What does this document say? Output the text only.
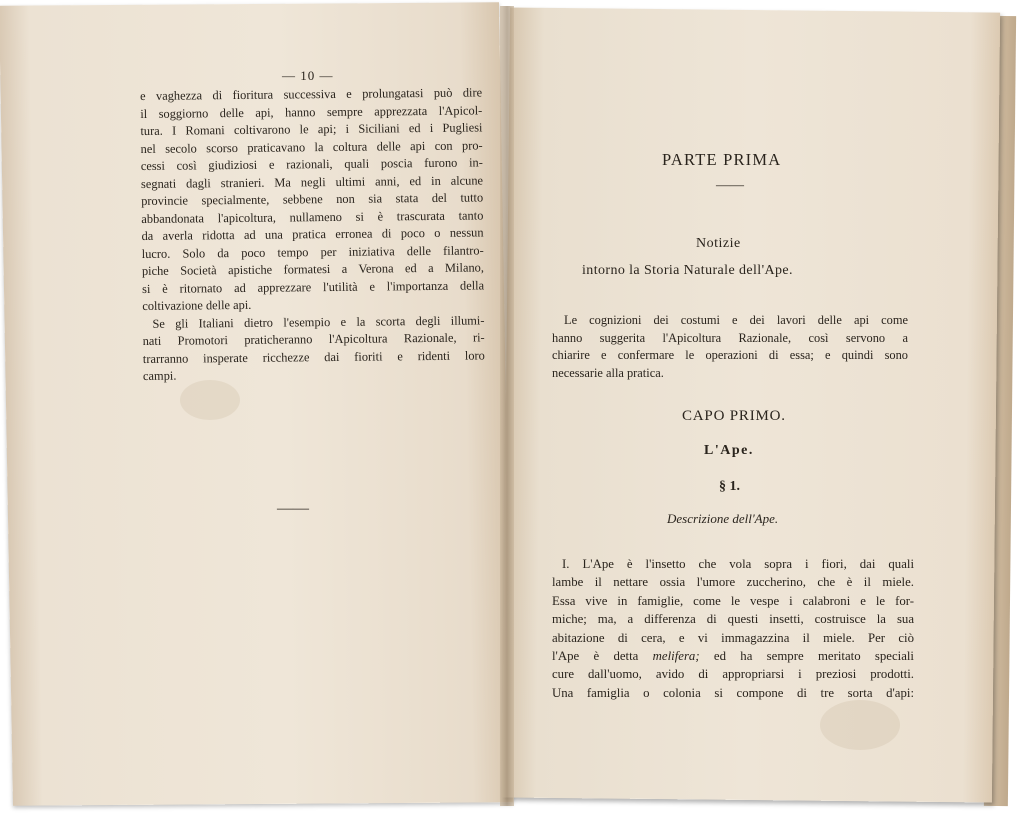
— 10 —
e vaghezza di fioritura successiva e prolungatasi può dire
il soggiorno delle api, hanno sempre apprezzata l'Apicol-
tura. I Romani coltivarono le api; i Siciliani ed i Pugliesi
nel secolo scorso praticavano la coltura delle api con pro-
cessi così giudiziosi e razionali, quali poscia furono in-
segnati dagli stranieri. Ma negli ultimi anni, ed in alcune
provincie specialmente, sebbene non sia stata del tutto
abbandonata l'apicoltura, nullameno si è trascurata tanto
da averla ridotta ad una pratica erronea di poco o nessun
lucro. Solo da poco tempo per iniziativa delle filantro-
piche Società apistiche formatesi a Verona ed a Milano,
si è ritornato ad apprezzare l'utilità e l'importanza della
coltivazione delle api.
Se gli Italiani dietro l'esempio e la scorta degli illumi-
nati Promotori praticheranno l'Apicoltura Razionale, ri-
trarranno insperate ricchezze dai fioriti e ridenti loro
campi.
——
PARTE PRIMA
——
Notizie
intorno la Storia Naturale dell'Ape.
Le cognizioni dei costumi e dei lavori delle api come
hanno suggerita l'Apicoltura Razionale, così servono a
chiarire e confermare le operazioni di essa; e quindi sono
necessarie alla pratica.
CAPO PRIMO.
L'Ape.
§ 1.
Descrizione dell'Ape.
I. L'Ape è l'insetto che vola sopra i fiori, dai quali
lambe il nettare ossia l'umore zuccherino, che è il miele.
Essa vive in famiglie, come le vespe i calabroni e le for-
miche; ma, a differenza di questi insetti, costruisce la sua
abitazione di cera, e vi immagazzina il miele. Per ciò
l'Ape è detta melifera; ed ha sempre meritato speciali
cure dall'uomo, avido di appropriarsi i preziosi prodotti.
Una famiglia o colonia si compone di tre sorta d'api:
